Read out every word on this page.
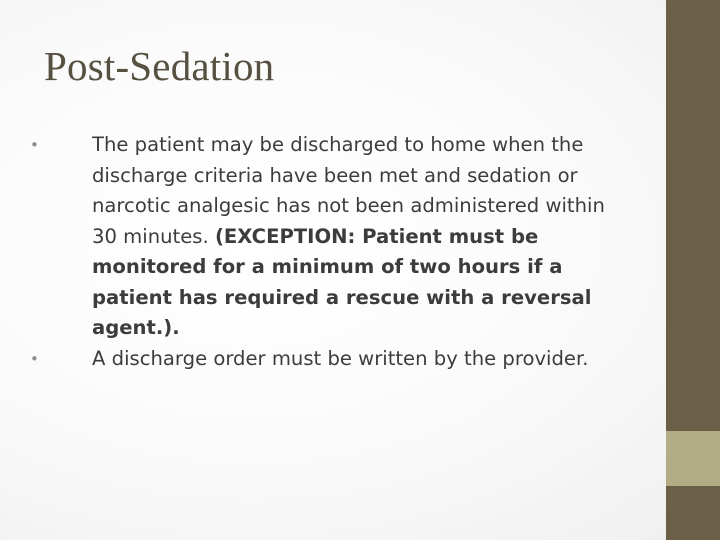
Post-Sedation
•	The patient may be discharged to home when the discharge criteria have been met and sedation or narcotic analgesic has not been administered within 30 minutes. (EXCEPTION: Patient must be monitored for a minimum of two hours if a patient has required a rescue with a reversal agent.).
•	A discharge order must be written by the provider.
